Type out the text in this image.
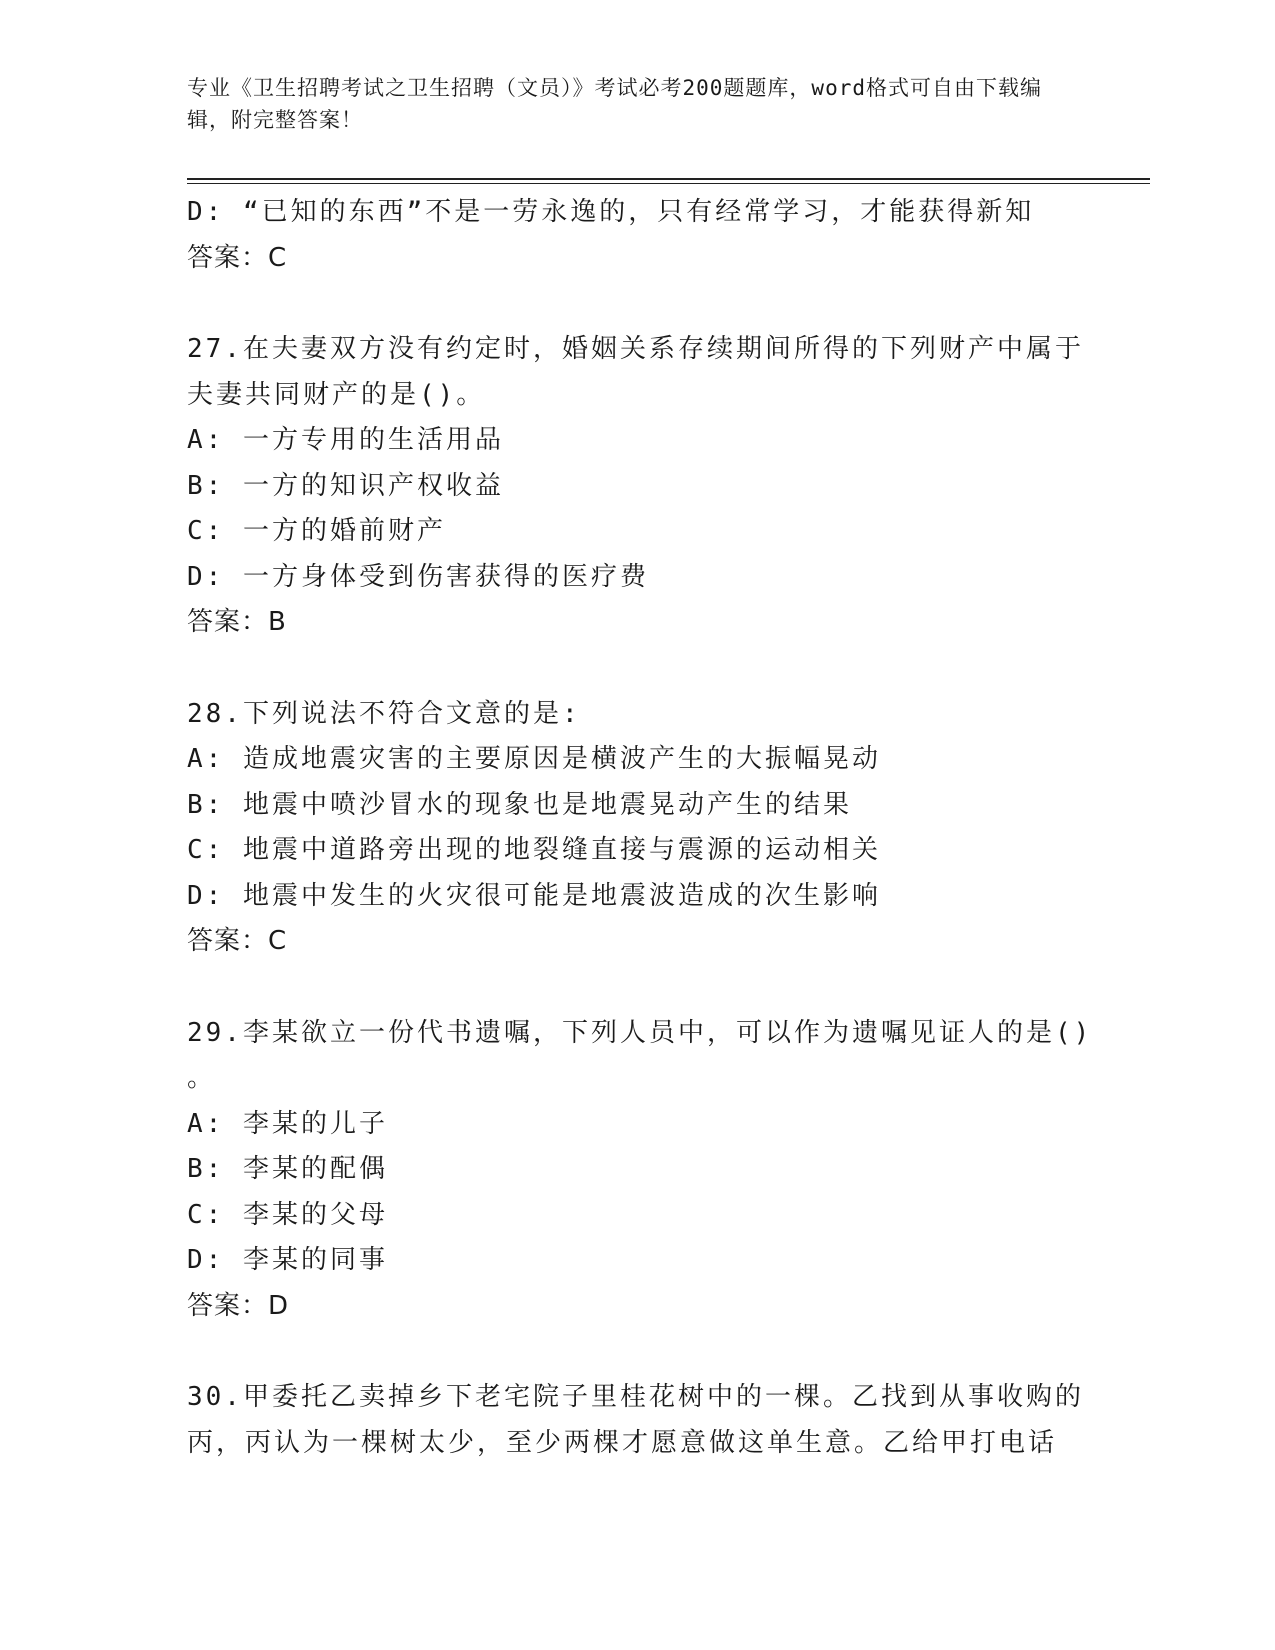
专业《卫生招聘考试之卫生招聘（文员）》考试必考200题题库，word格式可自由下载编辑，附完整答案！
D: “已知的东西”不是一劳永逸的，只有经常学习，才能获得新知
答案：C
27.在夫妻双方没有约定时，婚姻关系存续期间所得的下列财产中属于
夫妻共同财产的是()。
A: 一方专用的生活用品
B: 一方的知识产权收益
C: 一方的婚前财产
D: 一方身体受到伤害获得的医疗费
答案：B
28.下列说法不符合文意的是:
A: 造成地震灾害的主要原因是横波产生的大振幅晃动
B: 地震中喷沙冒水的现象也是地震晃动产生的结果
C: 地震中道路旁出现的地裂缝直接与震源的运动相关
D: 地震中发生的火灾很可能是地震波造成的次生影响
答案：C
29.李某欲立一份代书遗嘱，下列人员中，可以作为遗嘱见证人的是()
。
A: 李某的儿子
B: 李某的配偶
C: 李某的父母
D: 李某的同事
答案：D
30.甲委托乙卖掉乡下老宅院子里桂花树中的一棵。乙找到从事收购的
丙，丙认为一棵树太少，至少两棵才愿意做这单生意。乙给甲打电话
